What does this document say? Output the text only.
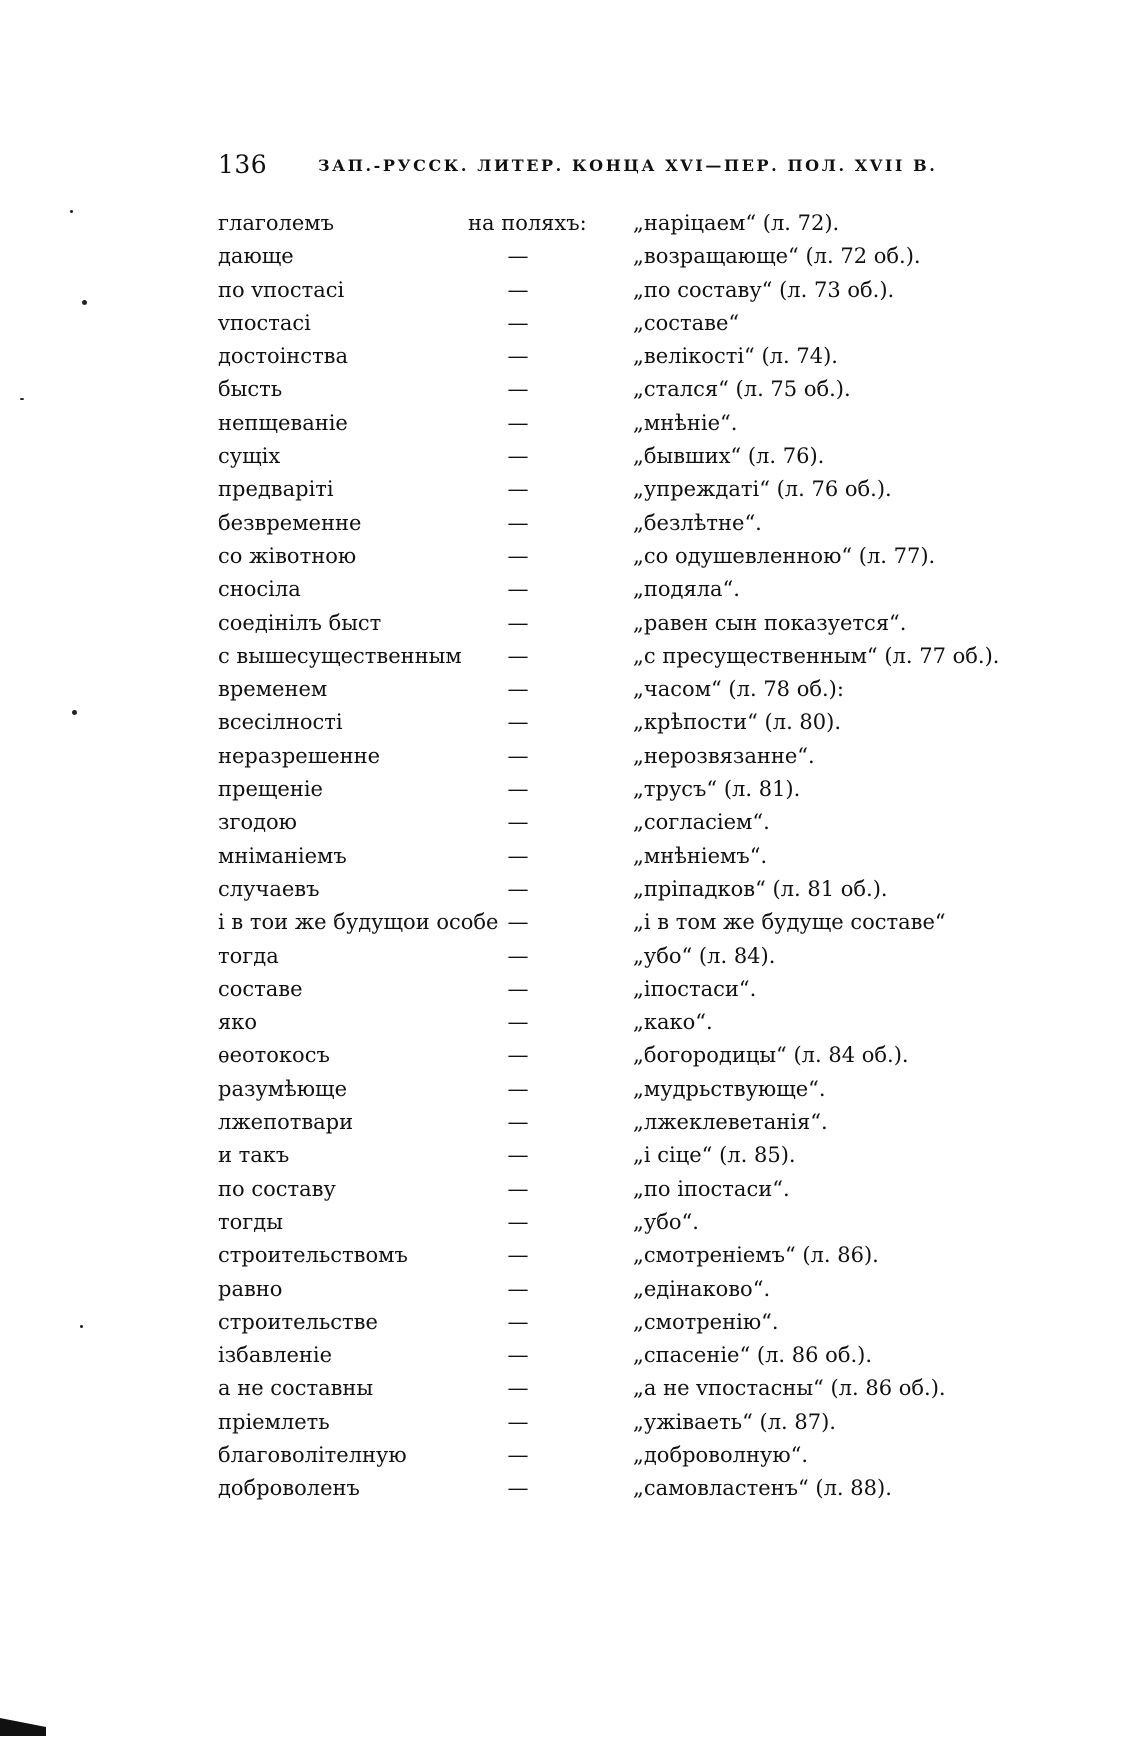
136	ЗАП.-РУССК. ЛИТЕР. КОНЦА XVI—ПЕР. ПОЛ. XVII В.
глаголемъ	на поляхъ: „наріцаем“ (л. 72).
дающе	—	„возращающе“ (л. 72 об.).
по vпостасі	—	„по составу“ (л. 73 об.).
vпостасі	—	„составе“
достоінства	—	„велікості“ (л. 74).
бысть	—	„стался“ (л. 75 об.).
непщеваніе	—	„мнѣніе“.
сущіх	—	„бывших“ (л. 76).
предваріті	—	„упреждаті“ (л. 76 об.).
безвременне	—	„безлѣтне“.
со жівотною	—	„со одушевленною“ (л. 77).
сносіла	—	„подяла“.
соедінілъ быст	—	„равен сын показуется“.
с вышесущественным	—	„с пресущественным“ (л. 77 об.).
временем	—	„часом“ (л. 78 об.):
всесілності	—	„крѣпости“ (л. 80).
неразрешенне	—	„нерозвязанне“.
прещеніе	—	„трусъ“ (л. 81).
згодою	—	„согласіем“.
мніманіемъ	—	„мнѣніемъ“.
случаевъ	—	„пріпадков“ (л. 81 об.).
і в тои же будущои особе —	„і в том же будуще составе“
тогда	—	„убо“ (л. 84).
составе	—	„іпостаси“.
яко	—	„како“.
ѳеотокосъ	—	„богородицы“ (л. 84 об.).
разумѣюще	—	„мудрьствующе“.
лжепотвари	—	„лжеклеветанія“.
и такъ	—	„і сіце“ (л. 85).
по составу	—	„по іпостаси“.
тогды	—	„убо“.
строительствомъ	—	„смотреніемъ“ (л. 86).
равно	—	„едінаково“.
строительстве	—	„смотренію“.
ізбавленіе	—	„спасеніе“ (л. 86 об.).
а не составны	—	„а не vпостасны“ (л. 86 об.).
пріемлеть	—	„ужіваеть“ (л. 87).
благоволітелную	—	„доброволную“.
доброволенъ	—	„самовластенъ“ (л. 88).
